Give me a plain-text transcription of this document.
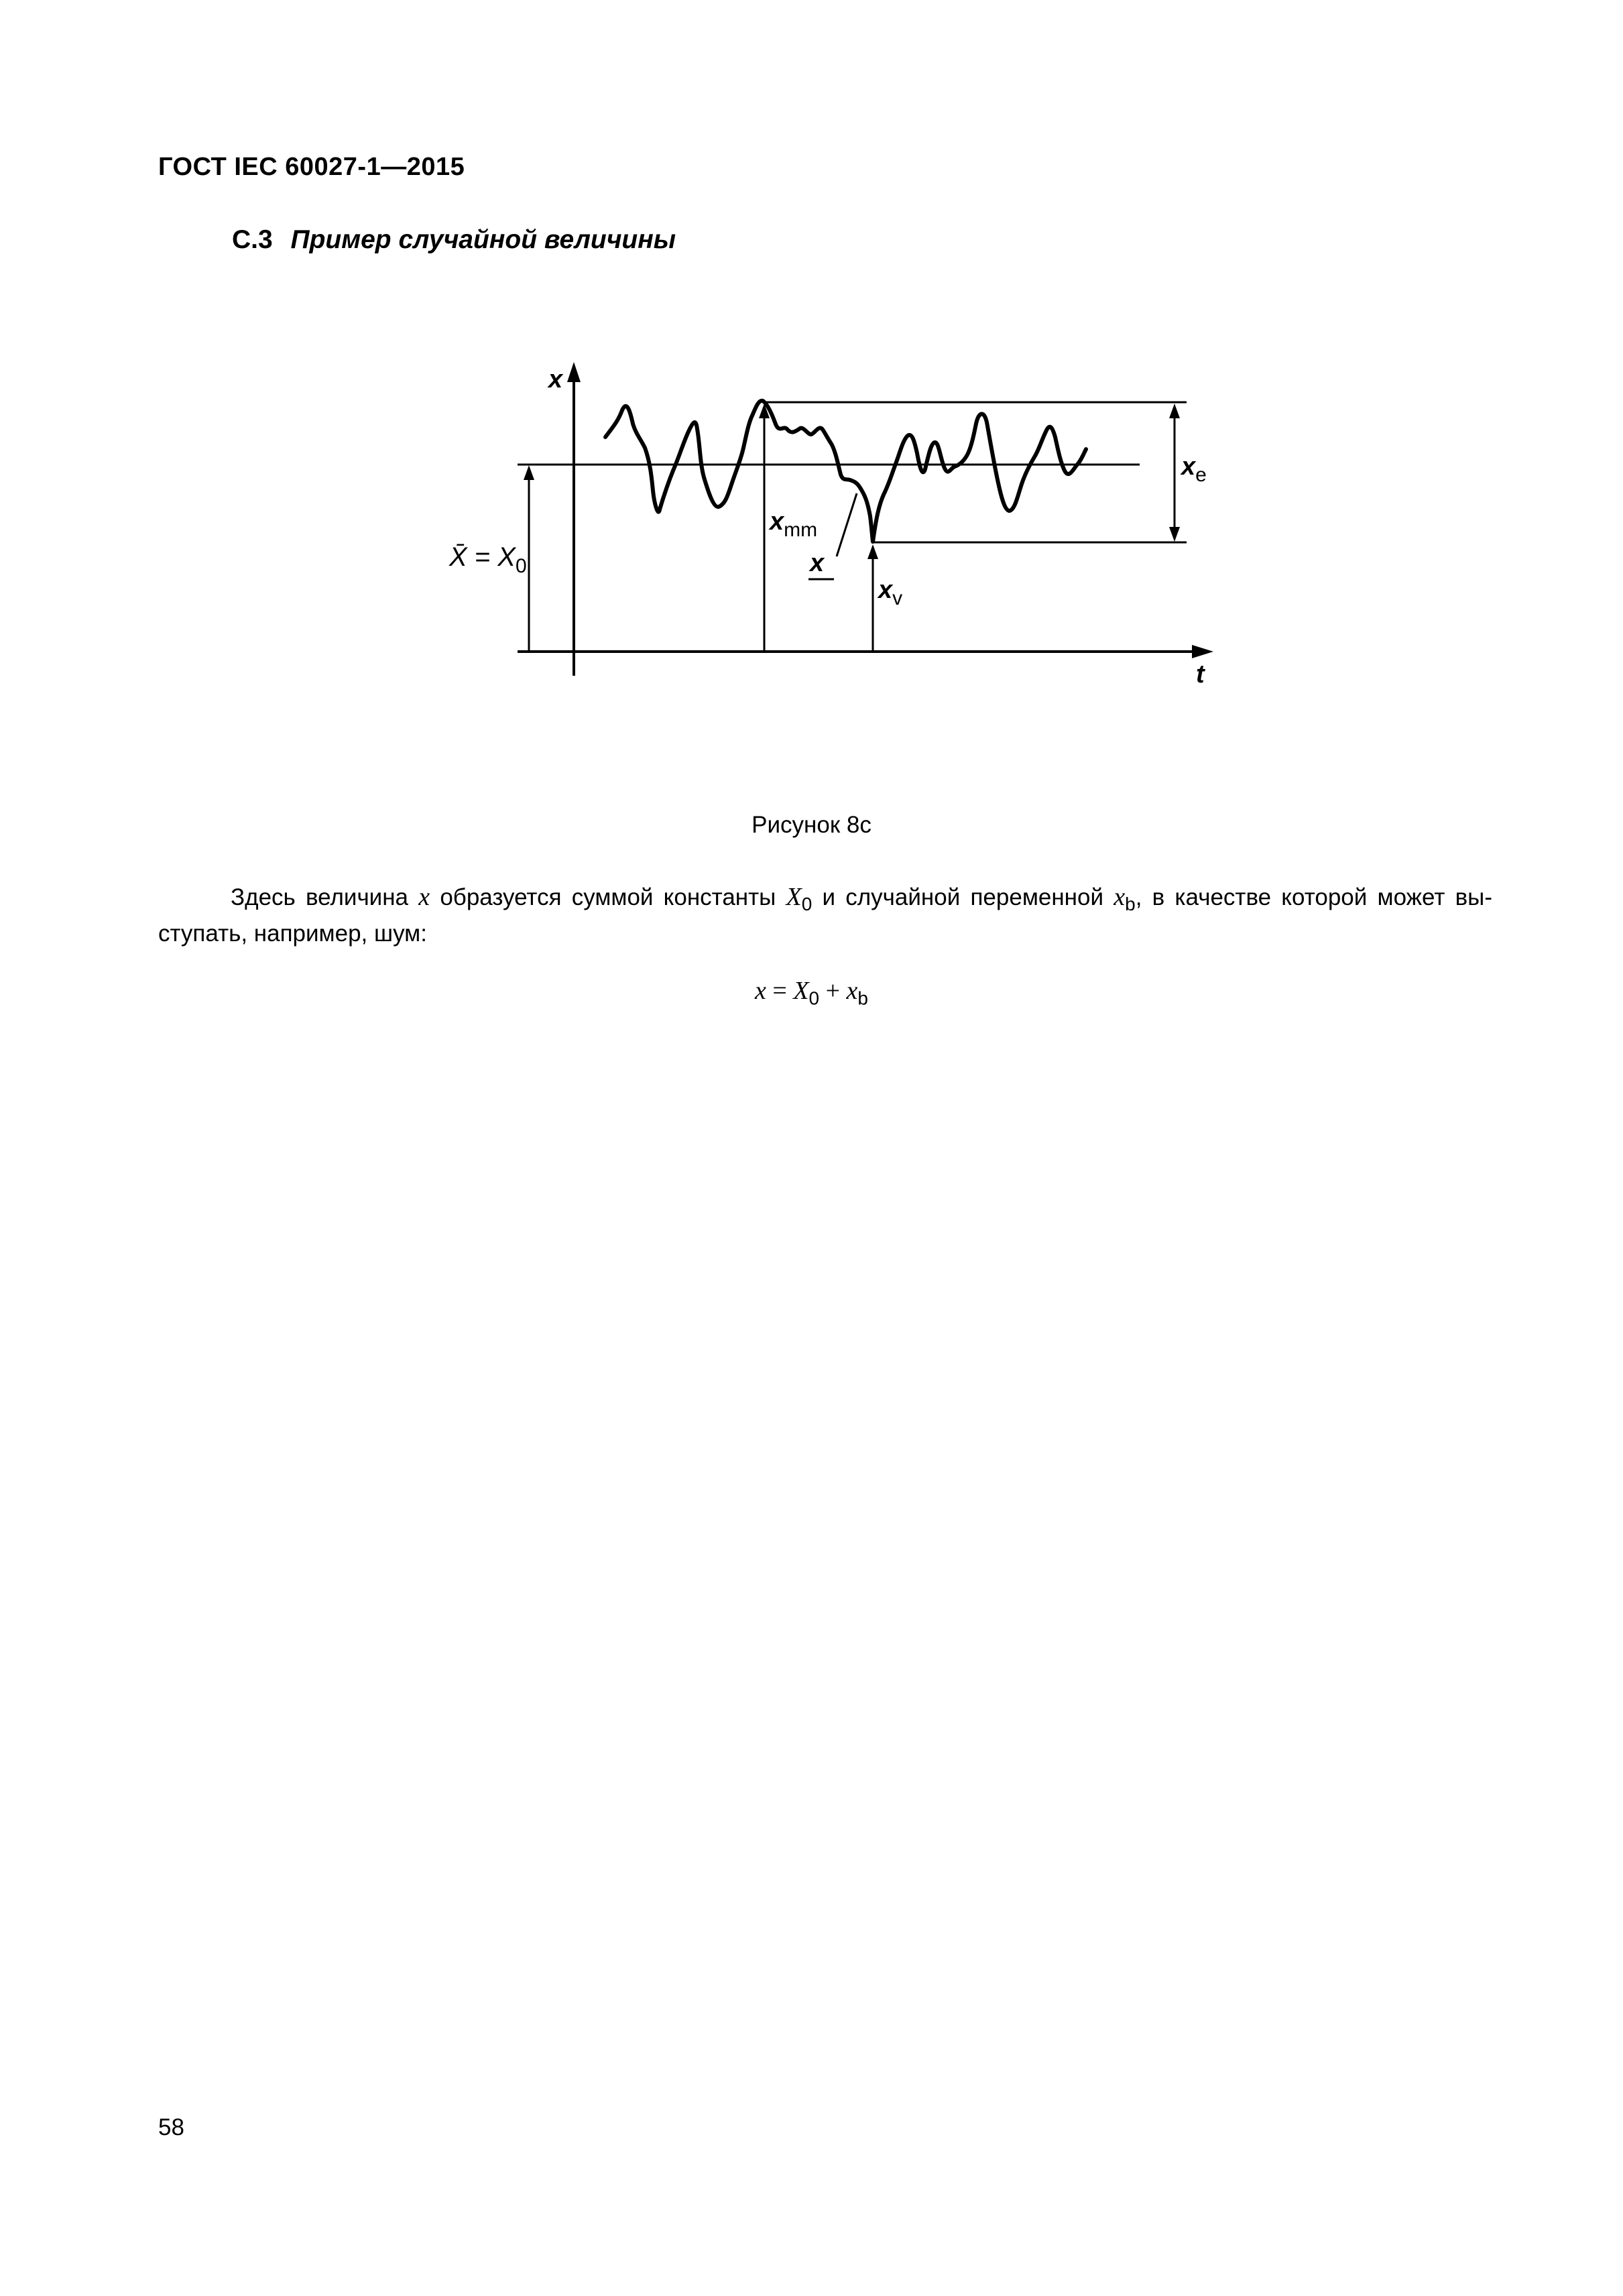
ГОСТ IEC 60027-1—2015
C.3 Пример случайной величины
x
t
X̄ = $X_0$
$x_{mm}$
x
$x_v$
$x_e$
Рисунок 8c
Здесь величина x образуется суммой константы $X_0$ и случайной переменной $x_b$, в качестве которой может вы-
ступать, например, шум:
$x = X_0 + x_b$
58
